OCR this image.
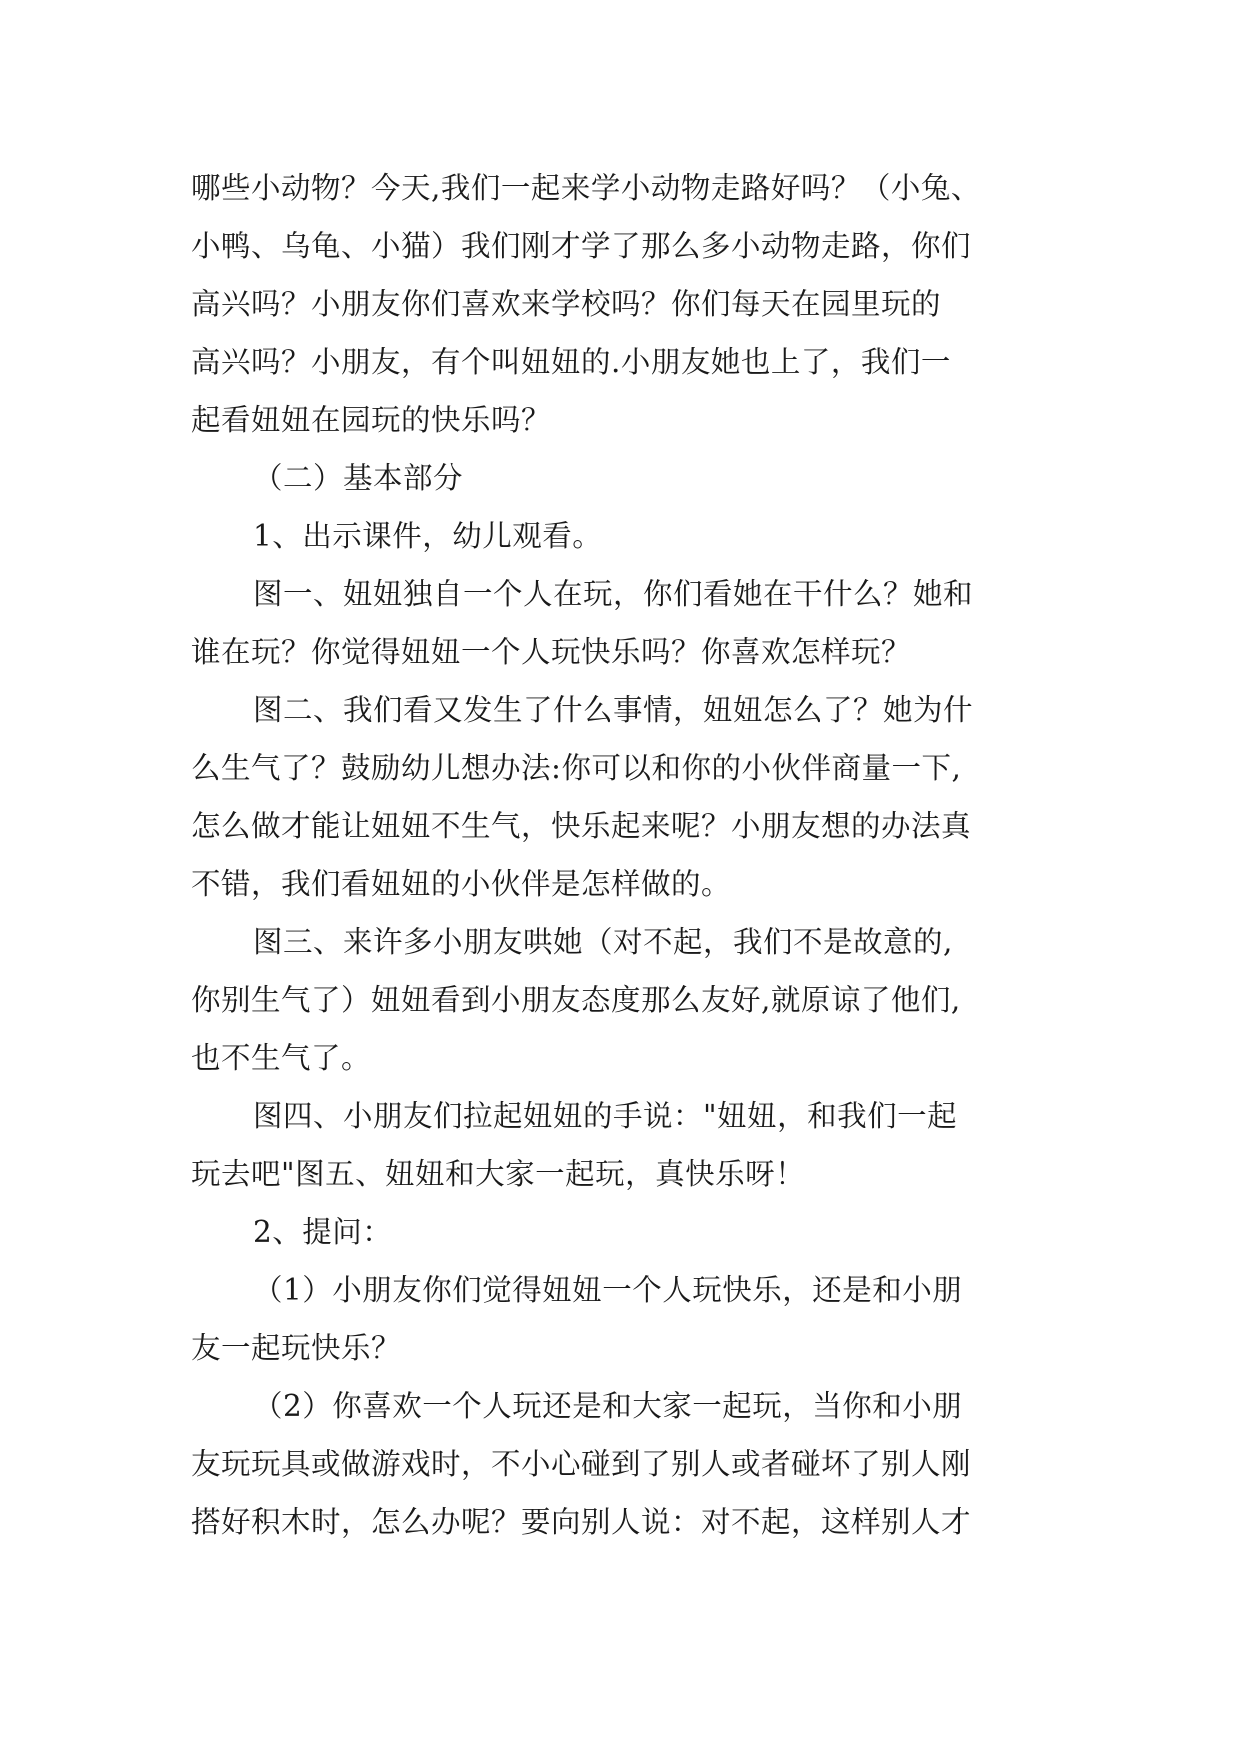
哪些小动物？今天,我们一起来学小动物走路好吗？（小兔、
小鸭、乌龟、小猫）我们刚才学了那么多小动物走路，你们
高兴吗？小朋友你们喜欢来学校吗？你们每天在园里玩的
高兴吗？小朋友，有个叫妞妞的.小朋友她也上了，我们一
起看妞妞在园玩的快乐吗？
（二）基本部分
1、出示课件，幼儿观看。
图一、妞妞独自一个人在玩，你们看她在干什么？她和
谁在玩？你觉得妞妞一个人玩快乐吗？你喜欢怎样玩？
图二、我们看又发生了什么事情，妞妞怎么了？她为什
么生气了？鼓励幼儿想办法:你可以和你的小伙伴商量一下,
怎么做才能让妞妞不生气，快乐起来呢？小朋友想的办法真
不错，我们看妞妞的小伙伴是怎样做的。
图三、来许多小朋友哄她（对不起，我们不是故意的,
你别生气了）妞妞看到小朋友态度那么友好,就原谅了他们,
也不生气了。
图四、小朋友们拉起妞妞的手说："妞妞，和我们一起
玩去吧"图五、妞妞和大家一起玩，真快乐呀！
2、提问：
（1）小朋友你们觉得妞妞一个人玩快乐，还是和小朋
友一起玩快乐？
（2）你喜欢一个人玩还是和大家一起玩，当你和小朋
友玩玩具或做游戏时，不小心碰到了别人或者碰坏了别人刚
搭好积木时，怎么办呢？要向别人说：对不起，这样别人才
